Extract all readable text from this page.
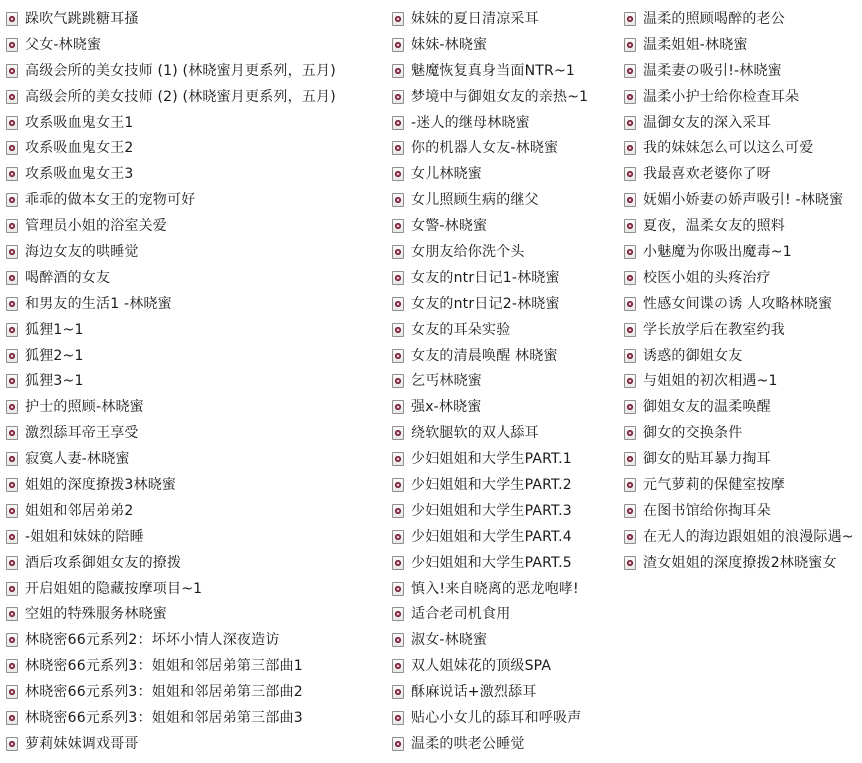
跺吹气跳跳糖耳搔
父女-林晓蜜
高级会所的美女技师 (1) (林晓蜜月更系列，五月)
高级会所的美女技师 (2) (林晓蜜月更系列，五月)
攻系吸血鬼女王1
攻系吸血鬼女王2
攻系吸血鬼女王3
乖乖的做本女王的宠物可好
管理员小姐的浴室关爱
海边女友的哄睡觉
喝醉酒的女友
和男友的生活1 -林晓蜜
狐狸1~1
狐狸2~1
狐狸3~1
护士的照顾-林晓蜜
激烈舔耳帝王享受
寂寞人妻-林晓蜜
姐姐的深度撩拨3林晓蜜
姐姐和邻居弟弟2
-姐姐和妹妹的陪睡
酒后攻系御姐女友的撩拨
开启姐姐的隐藏按摩项目~1
空姐的特殊服务林晓蜜
林晓密66元系列2：坏坏小情人深夜造访
林晓密66元系列3：姐姐和邻居弟第三部曲1
林晓密66元系列3：姐姐和邻居弟第三部曲2
林晓密66元系列3：姐姐和邻居弟第三部曲3
萝莉妹妹调戏哥哥
妹妹的夏日清凉采耳
妹妹-林晓蜜
魅魔恢复真身当面NTR~1
梦境中与御姐女友的亲热~1
-迷人的继母林晓蜜
你的机器人女友-林晓蜜
女儿林晓蜜
女儿照顾生病的继父
女警-林晓蜜
女朋友给你洗个头
女友的ntr日记1-林晓蜜
女友的ntr日记2-林晓蜜
女友的耳朵实验
女友的清晨唤醒 林晓蜜
乞丐林晓蜜
强x-林晓蜜
绕软腿软的双人舔耳
少妇姐姐和大学生PART.1
少妇姐姐和大学生PART.2
少妇姐姐和大学生PART.3
少妇姐姐和大学生PART.4
少妇姐姐和大学生PART.5
慎入!来自晓离的恶龙咆哮!
适合老司机食用
淑女-林晓蜜
双人姐妹花的顶级SPA
酥麻说话+激烈舔耳
贴心小女儿的舔耳和呼吸声
温柔的哄老公睡觉
温柔的照顾喝醉的老公
温柔姐姐-林晓蜜
温柔妻の吸引!-林晓蜜
温柔小护士给你检查耳朵
温御女友的深入采耳
我的妹妹怎么可以这么可爱
我最喜欢老婆你了呀
妩媚小娇妻の娇声吸引! -林晓蜜
夏夜，温柔女友的照料
小魅魔为你吸出魔毒~1
校医小姐的头疼治疗
性感女间谍の诱 人攻略林晓蜜
学长放学后在教室约我
诱惑的御姐女友
与姐姐的初次相遇~1
御姐女友的温柔唤醒
御女的交换条件
御女的贴耳暴力掏耳
元气萝莉的保健室按摩
在图书馆给你掏耳朵
在无人的海边跟姐姐的浪漫际遇~
渣女姐姐的深度撩拨2林晓蜜女
